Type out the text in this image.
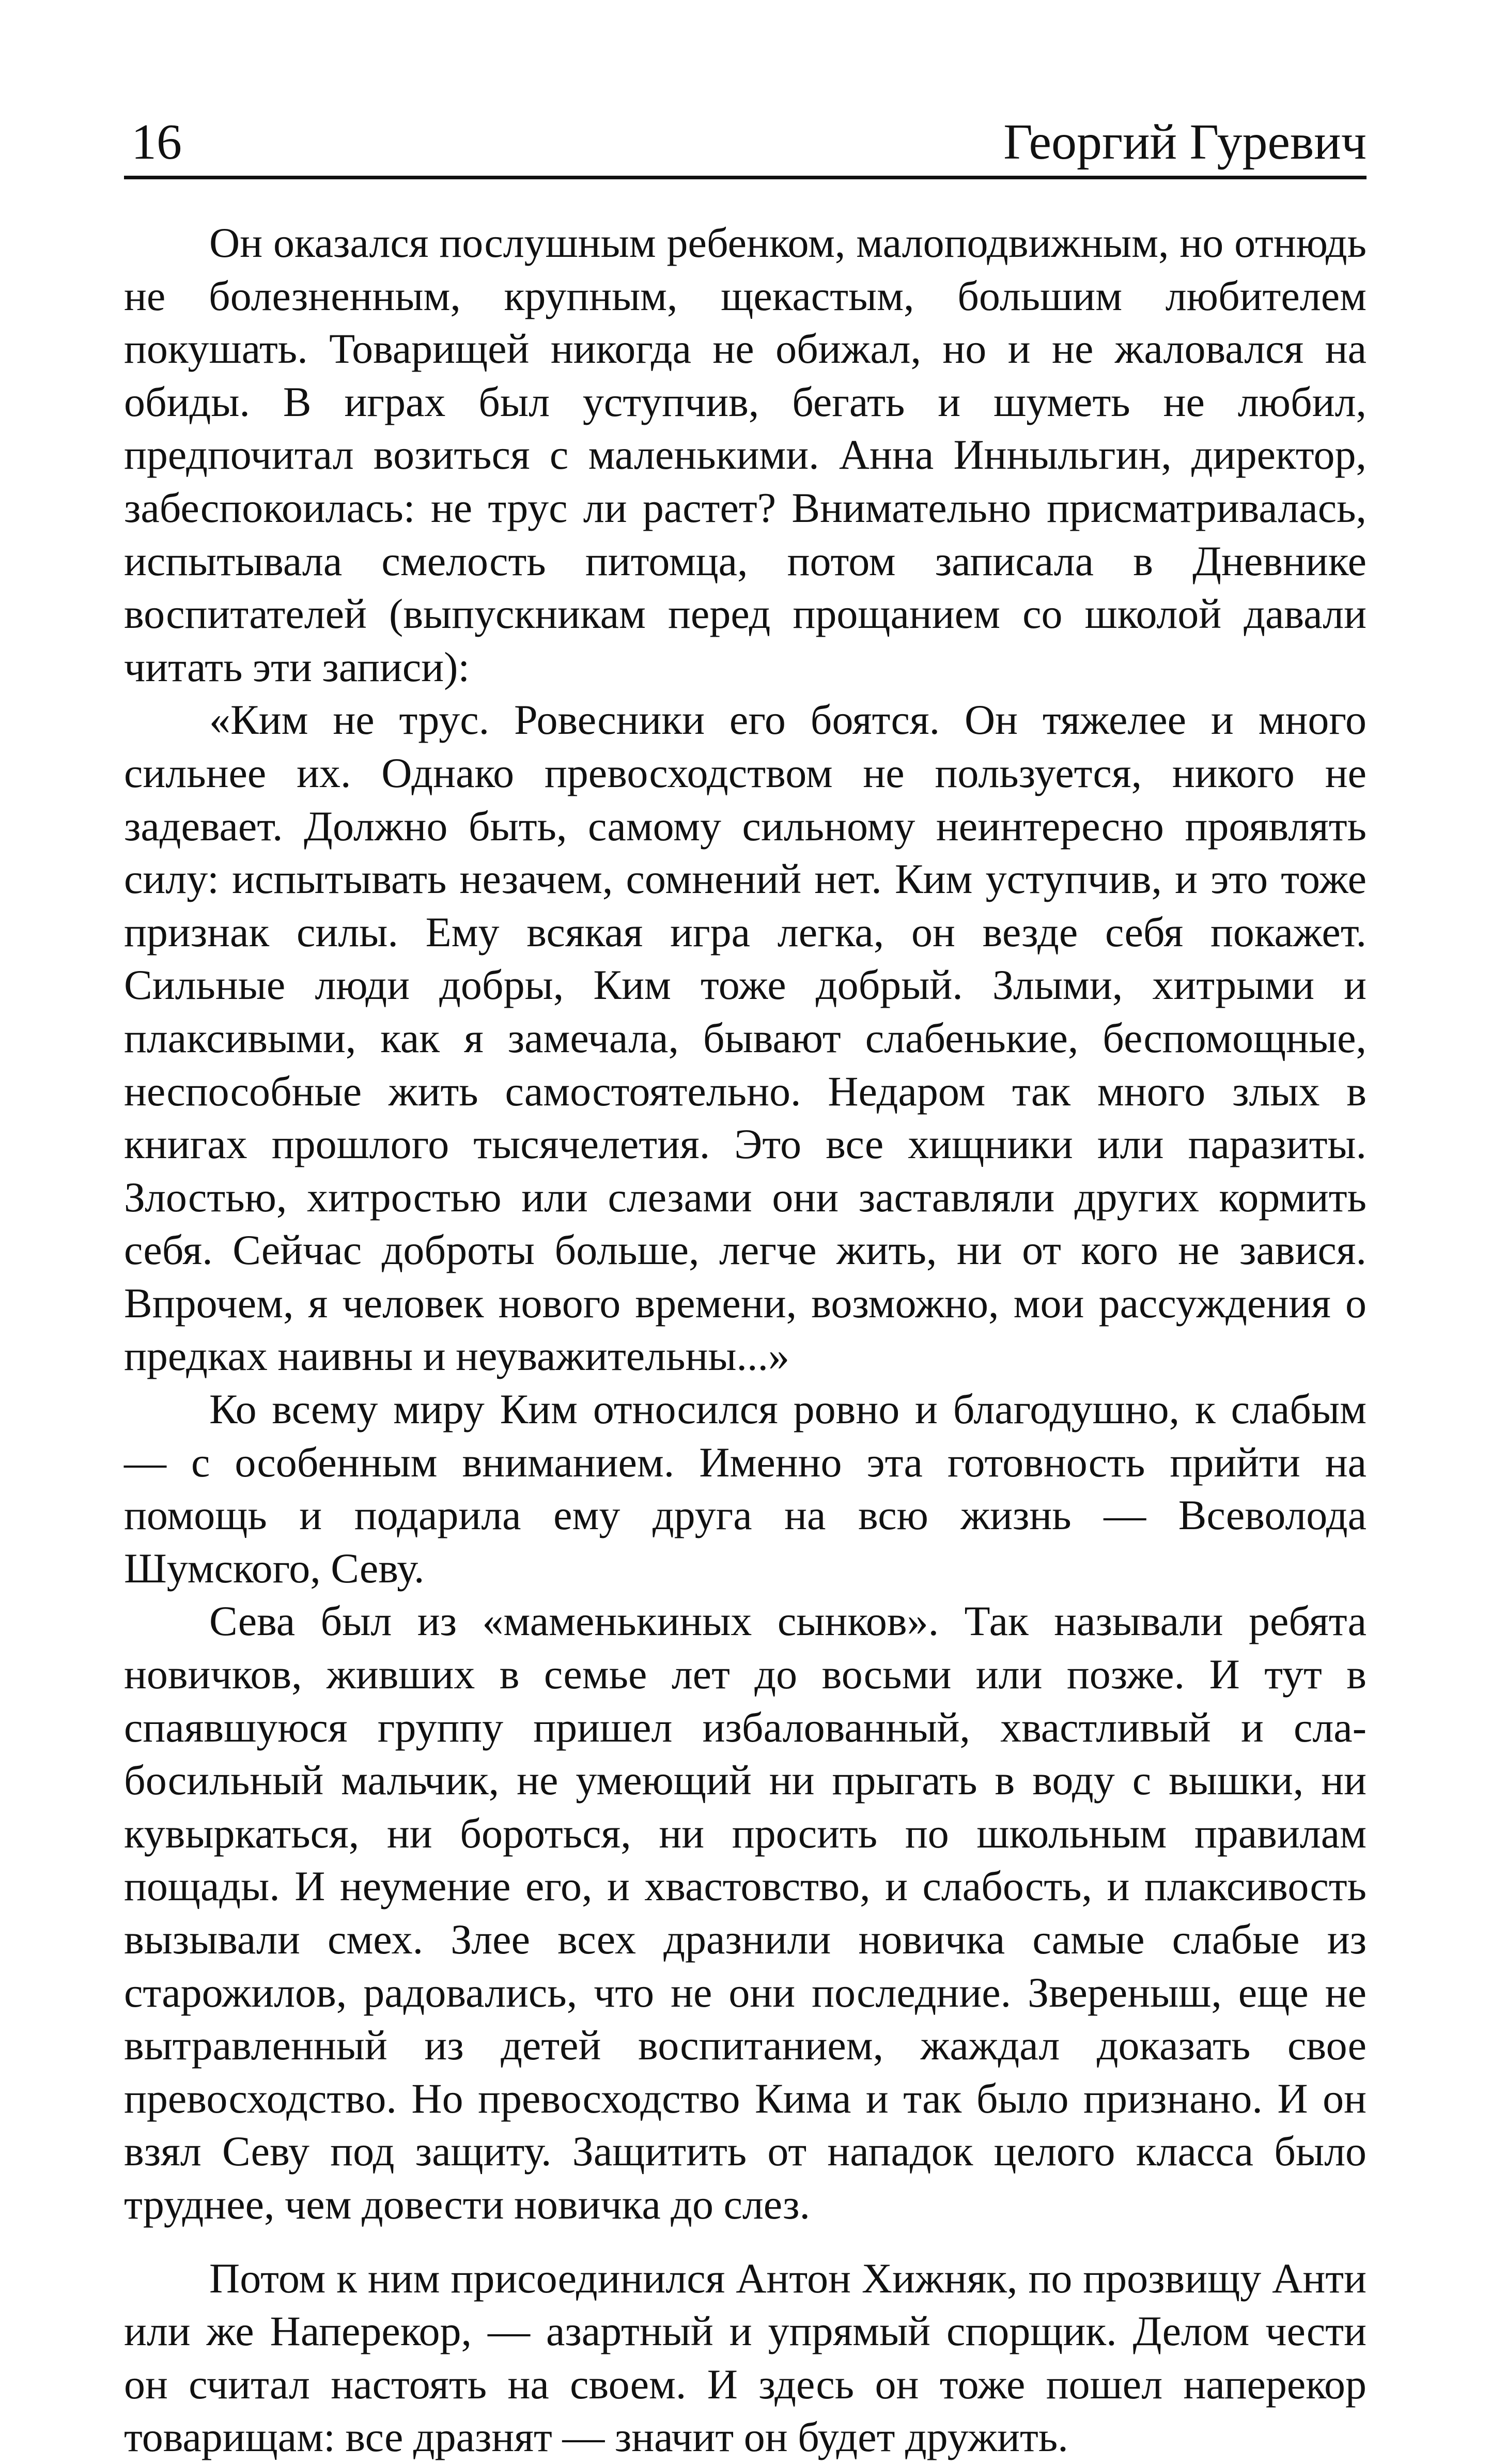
16	Георгий Гуревич

Он оказался послушным ребенком, малоподвижным, но отнюдь не болезненным, крупным, щекастым, большим любителем покушать. Товарищей никогда не обижал, но и не жаловался на обиды. В играх был уступчив, бегать и шуметь не любил, предпочитал возиться с маленькими. Анна Инныльгин, директор, забеспокоилась: не трус ли растет? Внимательно присматривалась, испытывала смелость питомца, потом записала в Дневнике воспитателей (выпускникам перед прощанием со школой давали читать эти записи):

«Ким не трус. Ровесники его боятся. Он тяжелее и много сильнее их. Однако превосходством не пользуется, никого не задевает. Должно быть, самому сильному неинтересно проявлять силу: испытывать незачем, сомнений нет. Ким уступчив, и это тоже признак силы. Ему всякая игра легка, он везде себя покажет. Сильные люди добры, Ким тоже добрый. Злыми, хитрыми и плаксивыми, как я замечала, бывают слабенькие, беспомощные, неспособные жить самостоятельно. Недаром так много злых в книгах прошлого тысячелетия. Это все хищники или паразиты. Злостью, хитростью или слезами они заставляли других кормить себя. Сейчас доброты больше, легче жить, ни от кого не завися. Впрочем, я человек нового времени, возможно, мои рассуждения о предках наивны и неуважительны...»

Ко всему миру Ким относился ровно и благодушно, к слабым — с особенным вниманием. Именно эта готовность прийти на помощь и подарила ему друга на всю жизнь — Всеволода Шумского, Севу.

Сева был из «маменькиных сынков». Так называли ребята новичков, живших в семье лет до восьми или позже. И тут в спаявшуюся группу пришел избалованный, хвастливый и слабосильный мальчик, не умеющий ни прыгать в воду с вышки, ни кувыркаться, ни бороться, ни просить по школьным правилам пощады. И неумение его, и хвастовство, и слабость, и плаксивость вызывали смех. Злее всех дразнили новичка самые слабые из старожилов, радовались, что не они последние. Звереныш, еще не вытравленный из детей воспитанием, жаждал доказать свое превосходство. Но превосходство Кима и так было признано. И он взял Севу под защиту. Защитить от нападок целого класса было труднее, чем довести новичка до слез.

Потом к ним присоединился Антон Хижняк, по прозвищу Анти или же Наперекор, — азартный и упрямый спорщик. Делом чести он считал настоять на своем. И здесь он тоже пошел наперекор товарищам: все дразнят — значит он будет дружить.
